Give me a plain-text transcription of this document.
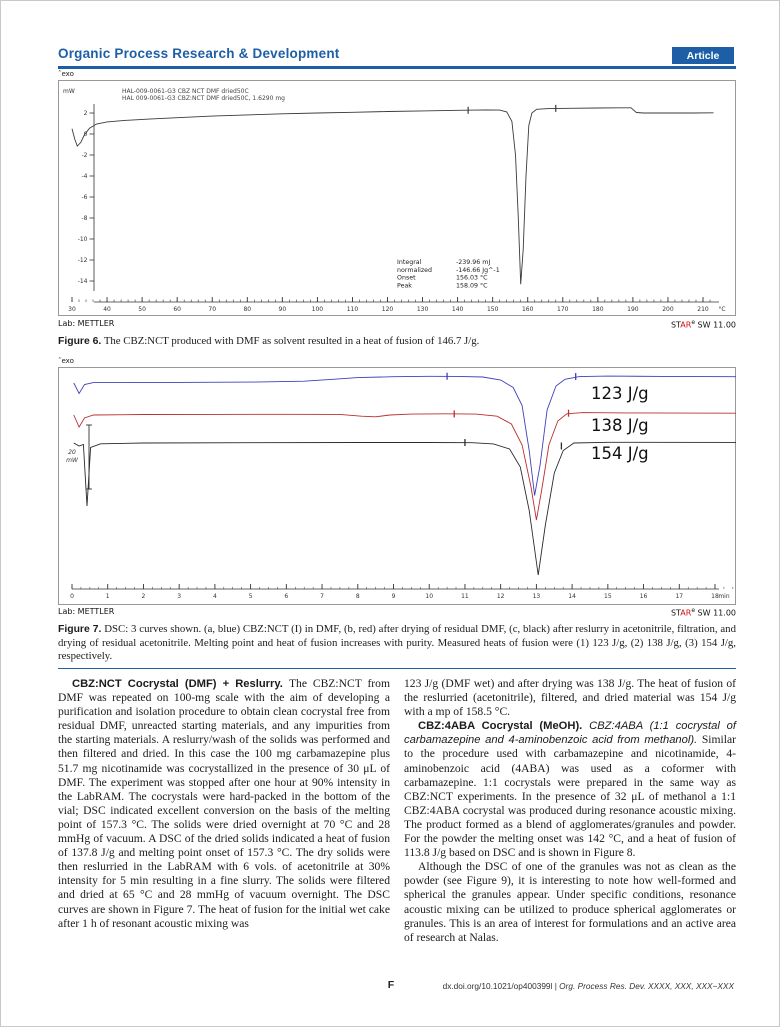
Organic Process Research & Development	Article
ˆexo
HAL-009-0061-G3 CBZ NCT DMF dried50C
HAL 009-0061-G3 CBZ:NCT DMF dried50C, 1.6290 mg
mW
2
0
-2
-4
-6
-8
-10
-12
-14
30	40	50	60	70	80	90	100	110	120	130	140	150	160	170	180	190	200	210 °C
Integral	-239.96 mJ
normalized	-146.66 Jg^-1
Onset	156.03 °C
Peak	158.09 °C
Lab: METTLER	STAR$^e$ SW 11.00
Figure 6. The CBZ:NCT produced with DMF as solvent resulted in a heat of fusion of 146.7 J/g.
ˆexo
20
mW
0	1	2	3	4	5	6	7	8	9	10	11	12	13	14	15	16	17	18 min
123 J/g
138 J/g
154 J/g
Lab: METTLER	STAR$^e$ SW 11.00
Figure 7. DSC: 3 curves shown. (a, blue) CBZ:NCT (I) in DMF, (b, red) after drying of residual DMF, (c, black) after reslurry in acetonitrile, filtration, and drying of residual acetonitrile. Melting point and heat of fusion increases with purity. Measured heats of fusion were (1) 123 J/g, (2) 138 J/g, (3) 154 J/g, respectively.

CBZ:NCT Cocrystal (DMF) + Reslurry. The CBZ:NCT from DMF was repeated on 100-mg scale with the aim of developing a purification and isolation procedure to obtain clean cocrystal free from residual DMF, unreacted starting materials, and any impurities from the starting materials. A reslurry/wash of the solids was performed and then filtered and dried. In this case the 100 mg carbamazepine plus 51.7 mg nicotinamide was cocrystallized in the presence of 30 μL of DMF. The experiment was stopped after one hour at 90% intensity in the LabRAM. The cocrystals were hard-packed in the bottom of the vial; DSC indicated excellent conversion on the basis of the melting point of 157.3 °C. The solids were dried overnight at 70 °C and 28 mmHg of vacuum. A DSC of the dried solids indicated a heat of fusion of 137.8 J/g and melting point onset of 157.3 °C. The dry solids were then reslurried in the LabRAM with 6 vols. of acetonitrile at 30% intensity for 5 min resulting in a fine slurry. The solids were filtered and dried at 65 °C and 28 mmHg of vacuum overnight. The DSC curves are shown in Figure 7. The heat of fusion for the initial wet cake after 1 h of resonant acoustic mixing was

123 J/g (DMF wet) and after drying was 138 J/g. The heat of fusion of the reslurried (acetonitrile), filtered, and dried material was 154 J/g with a mp of 158.5 °C.

CBZ:4ABA Cocrystal (MeOH). CBZ:4ABA (1:1 cocrystal of carbamazepine and 4-aminobenzoic acid from methanol). Similar to the procedure used with carbamazepine and nicotinamide, 4-aminobenzoic acid (4ABA) was used as a coformer with carbamazepine. 1:1 cocrystals were prepared in the same way as CBZ:NCT experiments. In the presence of 32 μL of methanol a 1:1 CBZ:4ABA cocrystal was produced during resonance acoustic mixing. The product formed as a blend of agglomerates/granules and powder. For the powder the melting onset was 142 °C, and a heat of fusion of 113.8 J/g based on DSC and is shown in Figure 8.

Although the DSC of one of the granules was not as clean as the powder (see Figure 9), it is interesting to note how well-formed and spherical the granules appear. Under specific conditions, resonance acoustic mixing can be utilized to produce spherical agglomerates or granules. This is an area of interest for formulations and an active area of research at Nalas.

F	dx.doi.org/10.1021/op400399l | Org. Process Res. Dev. XXXX, XXX, XXX−XXX
